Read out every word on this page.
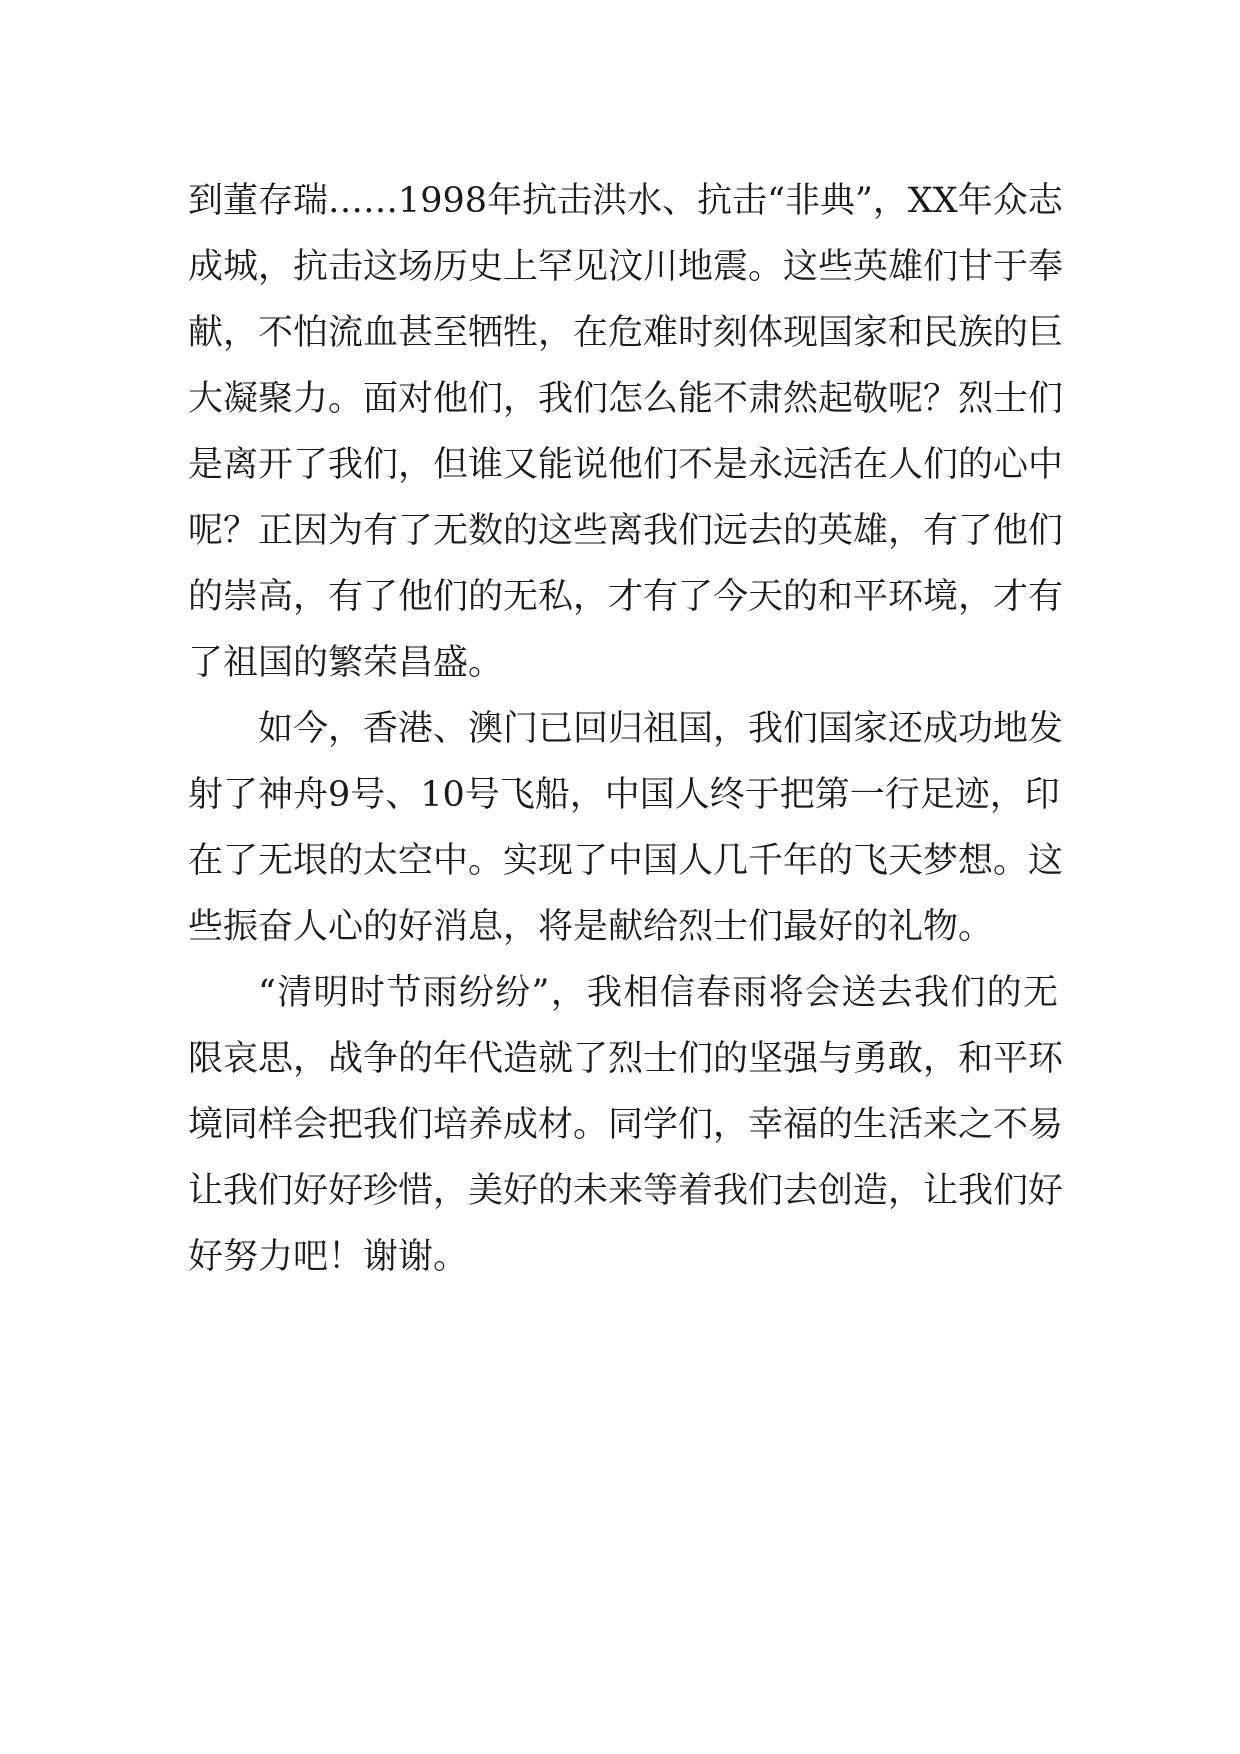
到董存瑞……1998年抗击洪水、抗击“非典”，XX年众志

成城，抗击这场历史上罕见汶川地震。这些英雄们甘于奉

献，不怕流血甚至牺牲，在危难时刻体现国家和民族的巨

大凝聚力。面对他们，我们怎么能不肃然起敬呢？烈士们

是离开了我们，但谁又能说他们不是永远活在人们的心中

呢？正因为有了无数的这些离我们远去的英雄，有了他们

的崇高，有了他们的无私，才有了今天的和平环境，才有

了祖国的繁荣昌盛。

如今，香港、澳门已回归祖国，我们国家还成功地发

射了神舟9号、10号飞船，中国人终于把第一行足迹，印

在了无垠的太空中。实现了中国人几千年的飞天梦想。这

些振奋人心的好消息，将是献给烈士们最好的礼物。

“清明时节雨纷纷”，我相信春雨将会送去我们的无

限哀思，战争的年代造就了烈士们的坚强与勇敢，和平环

境同样会把我们培养成材。同学们，幸福的生活来之不易

让我们好好珍惜，美好的未来等着我们去创造，让我们好

好努力吧！谢谢。
